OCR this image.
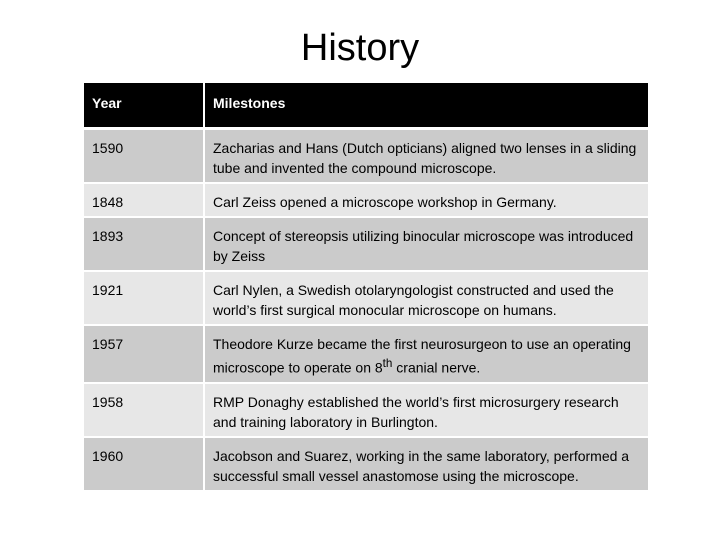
History
Year	Milestones
1590	Zacharias and Hans (Dutch opticians) aligned two lenses in a sliding tube and invented the compound microscope.
1848	Carl Zeiss opened a microscope workshop in Germany.
1893	Concept of stereopsis utilizing binocular microscope was introduced by Zeiss
1921	Carl Nylen, a Swedish otolaryngologist constructed and used the world’s first surgical monocular microscope on humans.
1957	Theodore Kurze became the first neurosurgeon to use an operating microscope to operate on 8th cranial nerve.
1958	RMP Donaghy established the world’s first microsurgery research and training laboratory in Burlington.
1960	Jacobson and Suarez, working in the same laboratory, performed a successful small vessel anastomose using the microscope.
